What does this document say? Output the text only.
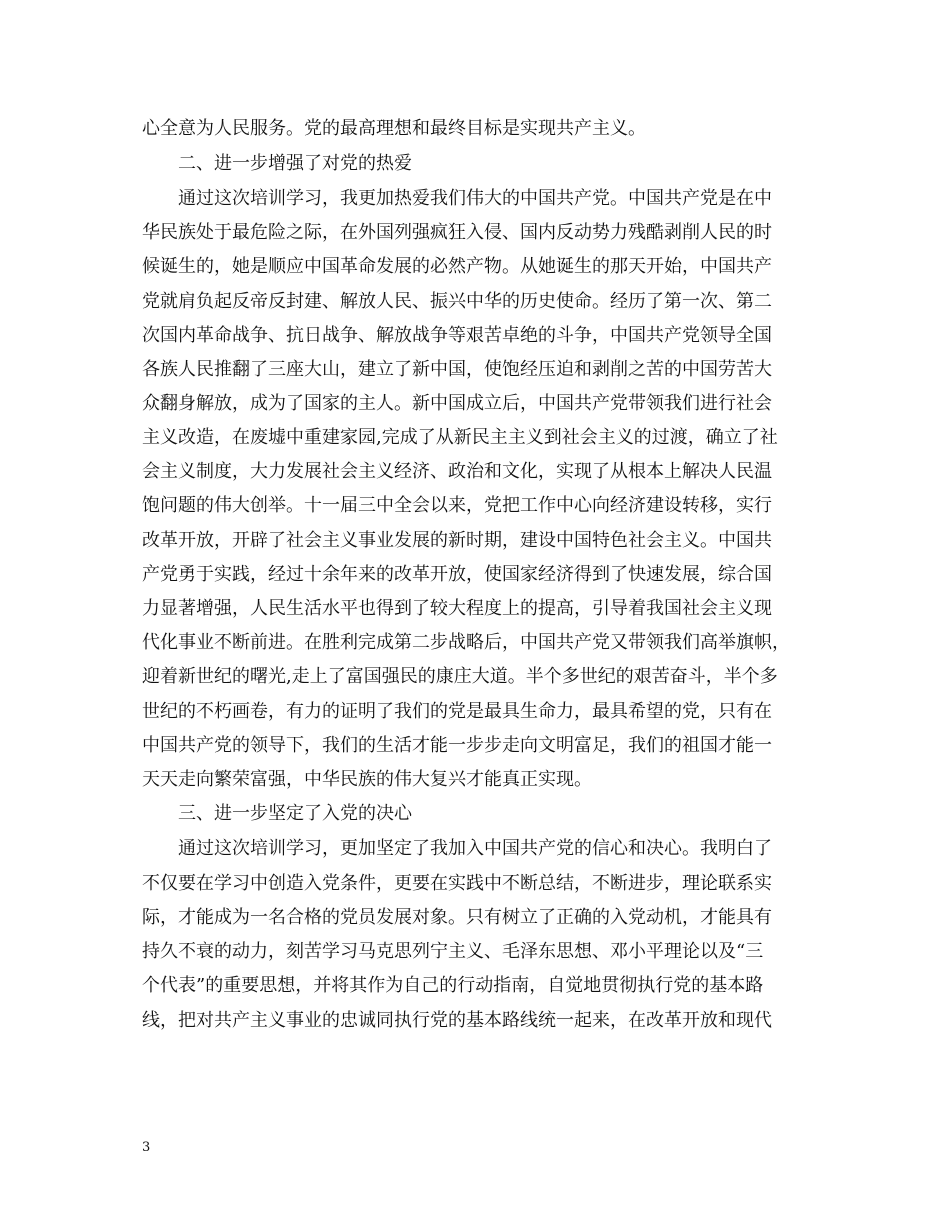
心全意为人民服务。党的最高理想和最终目标是实现共产主义。
二、进一步增强了对党的热爱
通过这次培训学习，我更加热爱我们伟大的中国共产党。中国共产党是在中
华民族处于最危险之际，在外国列强疯狂入侵、国内反动势力残酷剥削人民的时
候诞生的，她是顺应中国革命发展的必然产物。从她诞生的那天开始，中国共产
党就肩负起反帝反封建、解放人民、振兴中华的历史使命。经历了第一次、第二
次国内革命战争、抗日战争、解放战争等艰苦卓绝的斗争，中国共产党领导全国
各族人民推翻了三座大山，建立了新中国，使饱经压迫和剥削之苦的中国劳苦大
众翻身解放，成为了国家的主人。新中国成立后，中国共产党带领我们进行社会
主义改造，在废墟中重建家园,完成了从新民主主义到社会主义的过渡，确立了社
会主义制度，大力发展社会主义经济、政治和文化，实现了从根本上解决人民温
饱问题的伟大创举。十一届三中全会以来，党把工作中心向经济建设转移，实行
改革开放，开辟了社会主义事业发展的新时期，建设中国特色社会主义。中国共
产党勇于实践，经过十余年来的改革开放，使国家经济得到了快速发展，综合国
力显著增强，人民生活水平也得到了较大程度上的提高，引导着我国社会主义现
代化事业不断前进。在胜利完成第二步战略后，中国共产党又带领我们高举旗帜，
迎着新世纪的曙光,走上了富国强民的康庄大道。半个多世纪的艰苦奋斗，半个多
世纪的不朽画卷，有力的证明了我们的党是最具生命力，最具希望的党，只有在
中国共产党的领导下，我们的生活才能一步步走向文明富足，我们的祖国才能一
天天走向繁荣富强，中华民族的伟大复兴才能真正实现。
三、进一步坚定了入党的决心
通过这次培训学习，更加坚定了我加入中国共产党的信心和决心。我明白了
不仅要在学习中创造入党条件，更要在实践中不断总结，不断进步，理论联系实
际，才能成为一名合格的党员发展对象。只有树立了正确的入党动机，才能具有
持久不衰的动力，刻苦学习马克思列宁主义、毛泽东思想、邓小平理论以及“三
个代表”的重要思想，并将其作为自己的行动指南，自觉地贯彻执行党的基本路
线，把对共产主义事业的忠诚同执行党的基本路线统一起来，在改革开放和现代
3
